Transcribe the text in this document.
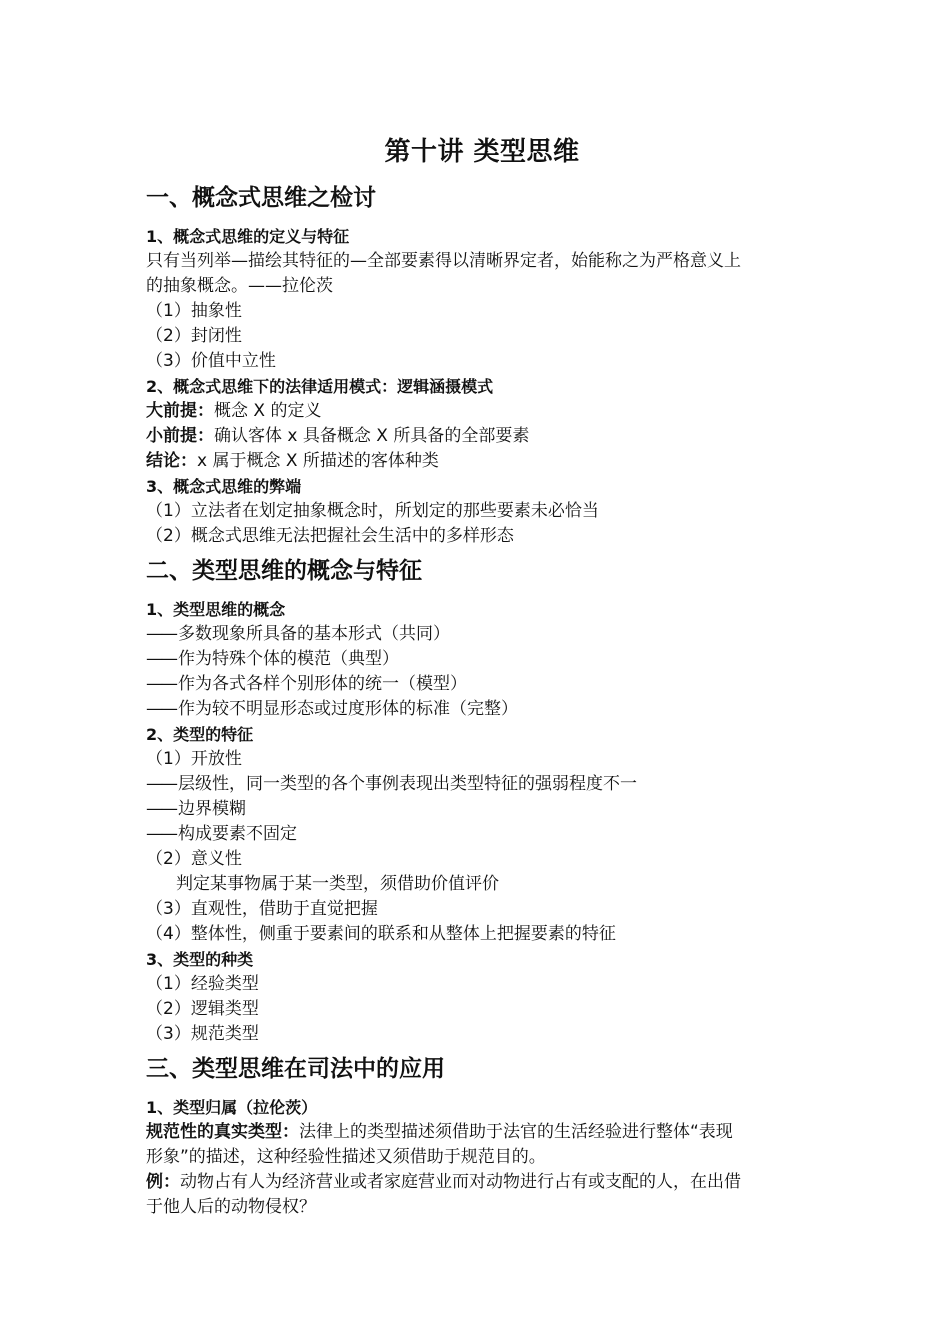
第十讲 类型思维
一、概念式思维之检讨
1、概念式思维的定义与特征
只有当列举—描绘其特征的—全部要素得以清晰界定者，始能称之为严格意义上
的抽象概念。——拉伦茨
（1）抽象性
（2）封闭性
（3）价值中立性
2、概念式思维下的法律适用模式：逻辑涵摄模式
大前提：概念 X 的定义
小前提：确认客体 x 具备概念 X 所具备的全部要素
结论：x 属于概念 X 所描述的客体种类
3、概念式思维的弊端
（1）立法者在划定抽象概念时，所划定的那些要素未必恰当
（2）概念式思维无法把握社会生活中的多样形态
二、类型思维的概念与特征
1、类型思维的概念
—— 多数现象所具备的基本形式（共同）
—— 作为特殊个体的模范（典型）
—— 作为各式各样个别形体的统一（模型）
—— 作为较不明显形态或过度形体的标准（完整）
2、类型的特征
（1）开放性
—— 层级性，同一类型的各个事例表现出类型特征的强弱程度不一
—— 边界模糊
—— 构成要素不固定
（2）意义性
判定某事物属于某一类型，须借助价值评价
（3）直观性，借助于直觉把握
（4）整体性，侧重于要素间的联系和从整体上把握要素的特征
3、类型的种类
（1）经验类型
（2）逻辑类型
（3）规范类型
三、类型思维在司法中的应用
1、类型归属（拉伦茨）
规范性的真实类型：法律上的类型描述须借助于法官的生活经验进行整体“表现
形象”的描述，这种经验性描述又须借助于规范目的。
例：动物占有人为经济营业或者家庭营业而对动物进行占有或支配的人，在出借
于他人后的动物侵权？
